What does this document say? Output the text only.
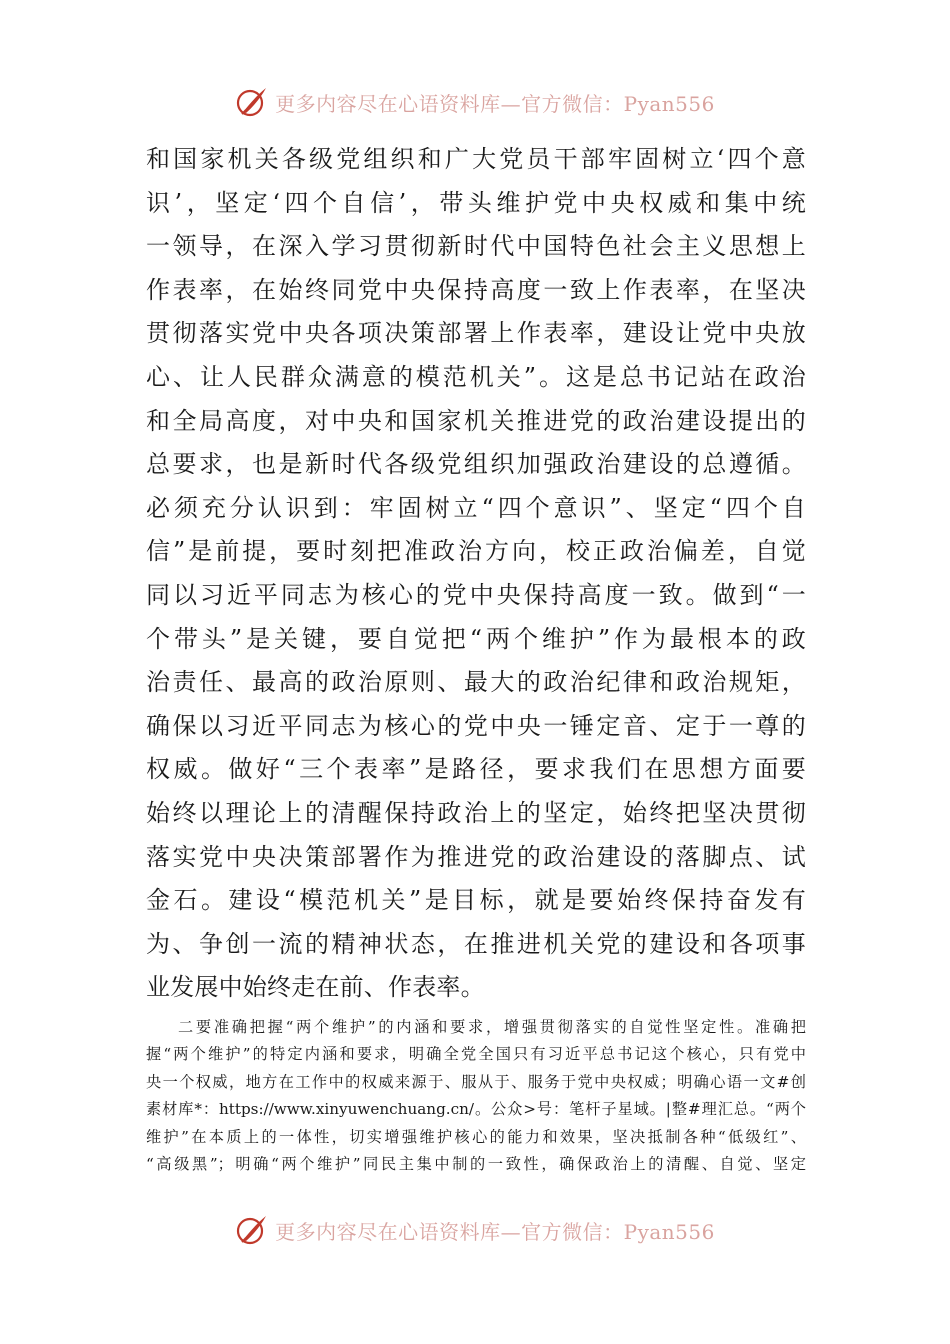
更多内容尽在心语资料库—官方微信：Pyan556
和国家机关各级党组织和广大党员干部牢固树立‘四个意
识’，坚定‘四个自信’，带头维护党中央权威和集中统
一领导，在深入学习贯彻新时代中国特色社会主义思想上
作表率，在始终同党中央保持高度一致上作表率，在坚决
贯彻落实党中央各项决策部署上作表率，建设让党中央放
心、让人民群众满意的模范机关”。这是总书记站在政治
和全局高度，对中央和国家机关推进党的政治建设提出的
总要求，也是新时代各级党组织加强政治建设的总遵循。
必须充分认识到：牢固树立“四个意识”、坚定“四个自
信”是前提，要时刻把准政治方向，校正政治偏差，自觉
同以习近平同志为核心的党中央保持高度一致。做到“一
个带头”是关键，要自觉把“两个维护”作为最根本的政
治责任、最高的政治原则、最大的政治纪律和政治规矩，
确保以习近平同志为核心的党中央一锤定音、定于一尊的
权威。做好“三个表率”是路径，要求我们在思想方面要
始终以理论上的清醒保持政治上的坚定，始终把坚决贯彻
落实党中央决策部署作为推进党的政治建设的落脚点、试
金石。建设“模范机关”是目标，就是要始终保持奋发有
为、争创一流的精神状态，在推进机关党的建设和各项事
业发展中始终走在前、作表率。
二要准确把握“两个维护”的内涵和要求，增强贯彻落实的自觉性坚定性。准确把
握“两个维护”的特定内涵和要求，明确全党全国只有习近平总书记这个核心，只有党中
央一个权威，地方在工作中的权威来源于、服从于、服务于党中央权威；明确心语一文#创
素材库*：https://www.xinyuwenchuang.cn/。公众>号：笔杆子星域。|整#理汇总。“两个
维护”在本质上的一体性，切实增强维护核心的能力和效果，坚决抵制各种“低级红”、
“高级黑”；明确“两个维护”同民主集中制的一致性，确保政治上的清醒、自觉、坚定
更多内容尽在心语资料库—官方微信：Pyan556
